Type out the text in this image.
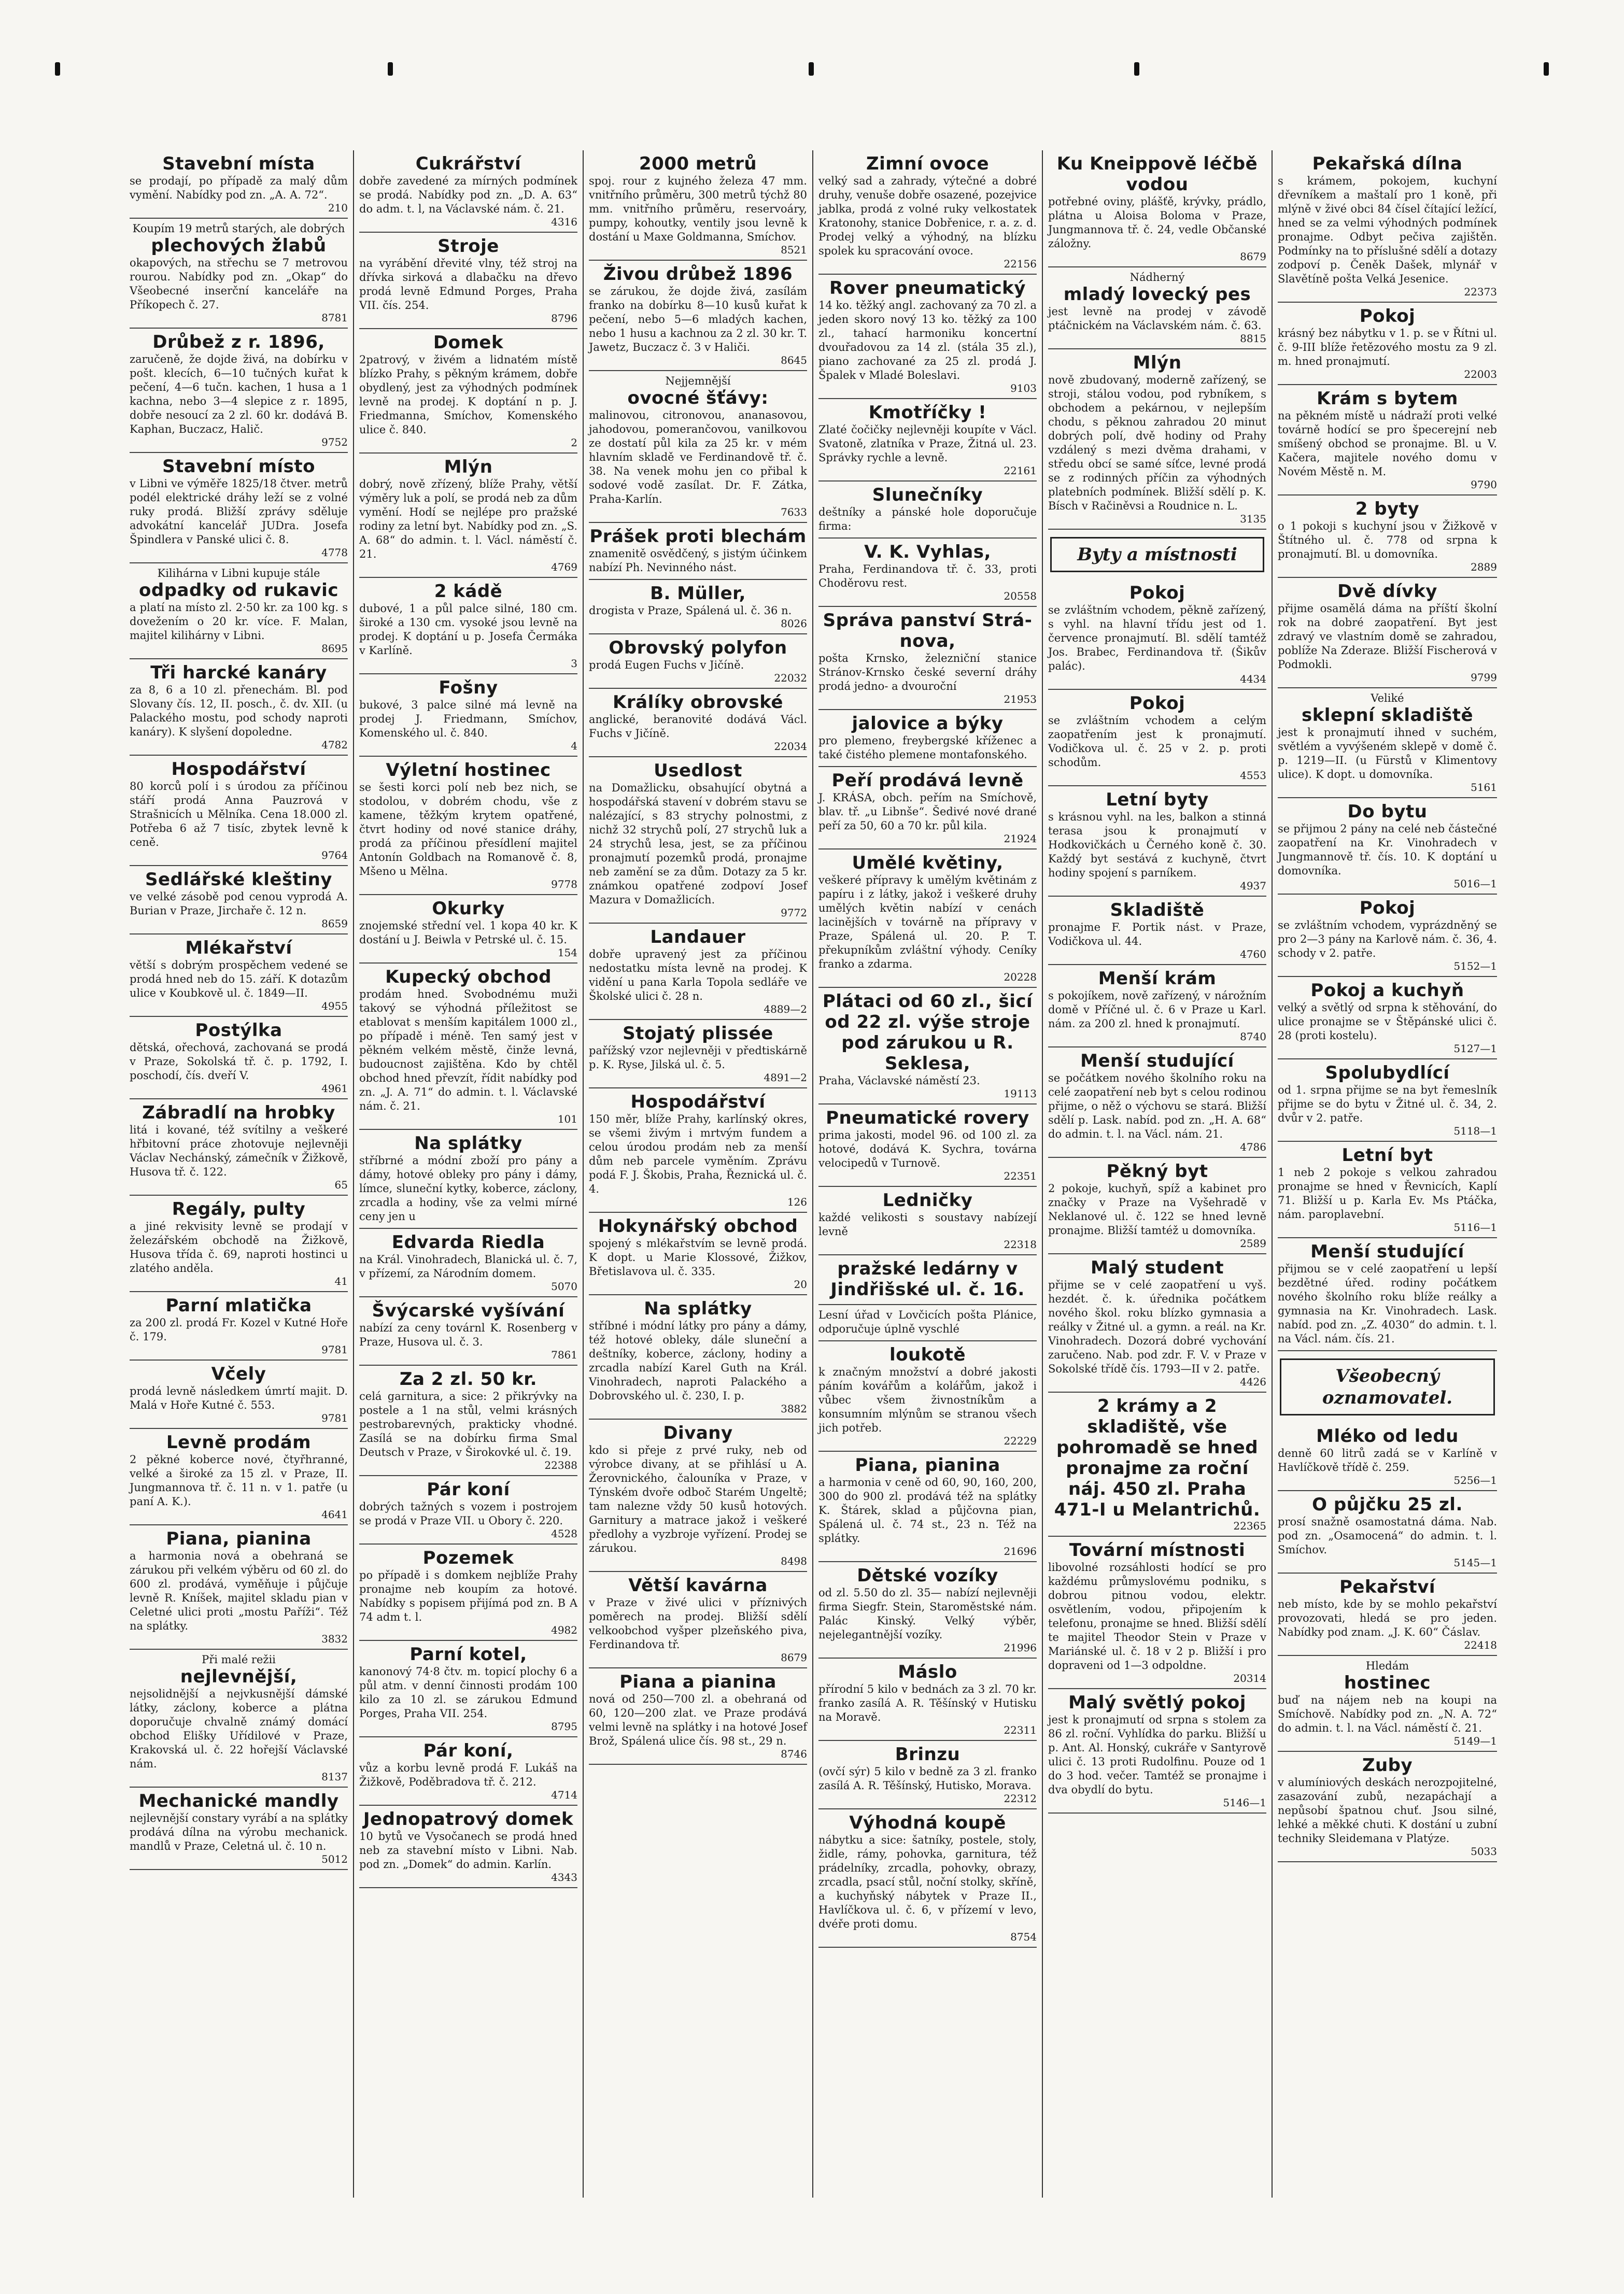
Stavební místa
se prodají, po případě za malý dům vymění. Nabídky pod zn. „A. A. 72“.
210
Koupím 19 metrů starých, ale dobrých
plechových žlabů
okapových, na střechu se 7 metrovou rourou. Nabídky pod zn. „Okap“ do Všeobecné inserční kanceláře na Příkopech č. 27.
8781
Drůbež z r. 1896,
zaručeně, že dojde živá, na dobírku v pošt. klecích, 6—10 tučných kuřat k pečení, 4—6 tučn. kachen, 1 husa a 1 kachna, nebo 3—4 slepice z r. 1895, dobře nesoucí za 2 zl. 60 kr. dodává B. Kaphan, Buczacz, Halič.
9752
Stavební místo
v Libni ve výměře 1825/18 čtver. metrů podél elektrické dráhy leží se z volné ruky prodá. Bližší zprávy sděluje advokátní kancelář JUDra. Josefa Špindlera v Panské ulici č. 8.
4778
Kilihárna v Libni kupuje stále
odpadky od rukavic
a platí na místo zl. 2·50 kr. za 100 kg. s dovežením o 20 kr. více. F. Malan, majitel kilihárny v Libni.
8695
Tři harcké kanáry
za 8, 6 a 10 zl. přenechám. Bl. pod Slovany čís. 12, II. posch., č. dv. XII. (u Palackého mostu, pod schody naproti kanáry). K slyšení dopoledne.
4782
Hospodářství
80 korců polí i s úrodou za příčinou stáří prodá Anna Pauzrová v Strašnicích u Mělníka. Cena 18.000 zl. Potřeba 6 až 7 tisíc, zbytek levně k ceně.
9764
Sedlářské kleštiny
ve velké zásobě pod cenou vyprodá A. Burian v Praze, Jirchaře č. 12 n.
8659
Mlékařství
větší s dobrým prospěchem vedené se prodá hned neb do 15. září. K dotazům ulice v Koubkově ul. č. 1849—II.
4955
Postýlka
dětská, ořechová, zachovaná se prodá v Praze, Sokolská tř. č. p. 1792, I. poschodí, čís. dveří V.
4961
Zábradlí na hrobky
litá i kované, též svítilny a veškeré hřbitovní práce zhotovuje nejlevněji Václav Nechánský, zámečník v Žižkově, Husova tř. č. 122.
65
Regály, pulty
a jiné rekvisity levně se prodají v železářském obchodě na Žižkově, Husova třída č. 69, naproti hostinci u zlatého anděla.
41
Parní mlatička
za 200 zl. prodá Fr. Kozel v Kutné Hoře č. 179.
9781
Včely
prodá levně následkem úmrtí majit. D. Malá v Hoře Kutné č. 553.
9781
Levně prodám
2 pěkné koberce nové, čtyřhranné, velké a široké za 15 zl. v Praze, II. Jungmannova tř. č. 11 n. v 1. patře (u paní A. K.).
4641
Piana, pianina
a harmonia nová a obehraná se zárukou při velkém výběru od 60 zl. do 600 zl. prodává, vyměňuje i půjčuje levně R. Kníšek, majitel skladu pian v Celetné ulici proti „mostu Paříži“. Též na splátky.
3832
Při malé režii
nejlevnější,
nejsolidnější a nejvkusnější dámské látky, záclony, koberce a plátna doporučuje chvalně známý domácí obchod Elišky Uřídilové v Praze, Krakovská ul. č. 22 hořejší Václavské nám.
8137
Mechanické mandly
nejlevnější constary vyrábí a na splátky prodává dílna na výrobu mechanick. mandlů v Praze, Celetná ul. č. 10 n.
5012
Cukrářství
dobře zavedené za mírných podmínek se prodá. Nabídky pod zn. „D. A. 63“ do adm. t. l, na Václavské nám. č. 21.
4316
Stroje
na vyrábění dřevité vlny, též stroj na dřívka sirková a dlabačku na dřevo prodá levně Edmund Porges, Praha VII. čís. 254.
8796
Domek
2patrový, v živém a lidnatém místě blízko Prahy, s pěkným krámem, dobře obydlený, jest za výhodných podmínek levně na prodej. K doptání n p. J. Friedmanna, Smíchov, Komenského ulice č. 840.
2
Mlýn
dobrý, nově zřízený, blíže Prahy, větší výměry luk a polí, se prodá neb za dům vymění. Hodí se nejlépe pro pražské rodiny za letní byt. Nabídky pod zn. „S. A. 68“ do admin. t. l. Václ. náměstí č. 21.
4769
2 kádě
dubové, 1 a půl palce silné, 180 cm. široké a 130 cm. vysoké jsou levně na prodej. K doptání u p. Josefa Čermáka v Karlíně.
3
Fošny
bukové, 3 palce silné má levně na prodej J. Friedmann, Smíchov, Komenského ul. č. 840.
4
Výletní hostinec
se šesti korci polí neb bez nich, se stodolou, v dobrém chodu, vše z kamene, těžkým krytem opatřené, čtvrt hodiny od nové stanice dráhy, prodá za příčinou přesídlení majitel Antonín Goldbach na Romanově č. 8, Mšeno u Mělna.
9778
Okurky
znojemské střední vel. 1 kopa 40 kr. K dostání u J. Beiwla v Petrské ul. č. 15.
154
Kupecký obchod
prodám hned. Svobodnému muži takový se výhodná příležitost se etablovat s menším kapitálem 1000 zl., po případě i méně. Ten samý jest v pěkném velkém městě, činže levná, budoucnost zajištěna. Kdo by chtěl obchod hned převzít, řídit nabídky pod zn. „J. A. 71“ do admin. t. l. Václavské nám. č. 21.
101
Na splátky
stříbrné a módní zboží pro pány a dámy, hotové obleky pro pány i dámy, límce, sluneční kytky, koberce, záclony, zrcadla a hodiny, vše za velmi mírné ceny jen u
Edvarda Riedla
na Král. Vinohradech, Blanická ul. č. 7, v přízemí, za Národním domem.
5070
Švýcarské vyšívání
nabízí za ceny továrnl K. Rosenberg v Praze, Husova ul. č. 3.
7861
Za 2 zl. 50 kr.
celá garnitura, a sice: 2 přikrývky na postele a 1 na stůl, velmi krásných pestrobarevných, prakticky vhodné. Zasílá se na dobírku firma Smal Deutsch v Praze, v Širokovké ul. č. 19.
22388
Pár koní
dobrých tažných s vozem i postrojem se prodá v Praze VII. u Obory č. 220.
4528
Pozemek
po případě i s domkem nejblíže Prahy pronajme neb koupím za hotové. Nabídky s popisem přijímá pod zn. B A 74 adm t. l.
4982
Parní kotel,
kanonový 74·8 čtv. m. topicí plochy 6 a půl atm. v denní činnosti prodám 100 kilo za 10 zl. se zárukou Edmund Porges, Praha VII. 254.
8795
Pár koní,
vůz a korbu levně prodá F. Lukáš na Žižkově, Poděbradova tř. č. 212.
4714
Jednopatrový domek
10 bytů ve Vysočanech se prodá hned neb za stavební místo v Libni. Nab. pod zn. „Domek“ do admin. Karlín.
4343
2000 metrů
spoj. rour z kujného železa 47 mm. vnitřního průměru, 300 metrů týchž 80 mm. vnitřního průměru, reservoáry, pumpy, kohoutky, ventily jsou levně k dostání u Maxe Goldmanna, Smíchov.
8521
Živou drůbež 1896
se zárukou, že dojde živá, zasílám franko na dobírku 8—10 kusů kuřat k pečení, nebo 5—6 mladých kachen, nebo 1 husu a kachnou za 2 zl. 30 kr. T. Jawetz, Buczacz č. 3 v Haliči.
8645
Nejjemnější
ovocné šťávy:
malinovou, citronovou, ananasovou, jahodovou, pomerančovou, vanilkovou ze dostatí půl kila za 25 kr. v mém hlavním skladě ve Ferdinandově tř. č. 38. Na venek mohu jen co přibal k sodové vodě zasílat. Dr. F. Zátka, Praha-Karlín.
7633
Prášek proti blechám
znamenitě osvědčený, s jistým účinkem nabízí Ph. Nevinného nást.
B. Müller,
drogista v Praze, Spálená ul. č. 36 n.
8026
Obrovský polyfon
prodá Eugen Fuchs v Jičíně.
22032
Králíky obrovské
anglické, beranovité dodává Václ. Fuchs v Jičíně.
22034
Usedlost
na Domažlicku, obsahující obytná a hospodářská stavení v dobrém stavu se nalézající, s 83 strychy polnostmi, z nichž 32 strychů polí, 27 strychů luk a 24 strychů lesa, jest, se za příčinou pronajmutí pozemků prodá, pronajme neb zamění se za dům. Dotazy za 5 kr. známkou opatřené zodpoví Josef Mazura v Domažlicích.
9772
Landauer
dobře upravený jest za příčinou nedostatku místa levně na prodej. K vidění u pana Karla Topola sedláře ve Školské ulici č. 28 n.
4889—2
Stojatý plissée
pařížský vzor nejlevněji v předtiskárně p. K. Ryse, Jilská ul. č. 5.
4891—2
Hospodářství
150 měr, blíže Prahy, karlínský okres, se všemi živým i mrtvým fundem a celou úrodou prodám neb za menší dům neb parcele vyměním. Zprávu podá F. J. Škobis, Praha, Řeznická ul. č. 4.
126
Hokynářský obchod
spojený s mlékařstvím se levně prodá. K dopt. u Marie Klossové, Žižkov, Břetislavova ul. č. 335.
20
Na splátky
stříbné i módní látky pro pány a dámy, též hotové obleky, dále sluneční a deštníky, koberce, záclony, hodiny a zrcadla nabízí Karel Guth na Král. Vinohradech, naproti Palackého a Dobrovského ul. č. 230, I. p.
3882
Divany
kdo si přeje z prvé ruky, neb od výrobce divany, at se přihlásí u A. Žerovnického, čalouníka v Praze, v Týnském dvoře odboč Starém Ungeltě; tam nalezne vždy 50 kusů hotových. Garnitury a matrace jakož i veškeré předlohy a vyzbroje vyřízení. Prodej se zárukou.
8498
Větší kavárna
v Praze v živé ulici v příznivých poměrech na prodej. Bližší sdělí velkoobchod vyšper plzeňského piva, Ferdinandova tř.
8679
Piana a pianina
nová od 250—700 zl. a obehraná od 60, 120—200 zlat. ve Praze prodává velmi levně na splátky i na hotové Josef Brož, Spálená ulice čís. 98 st., 29 n.
8746
Zimní ovoce
velký sad a zahrady, výtečné a dobré druhy, venuše dobře osazené, pozejvice jablka, prodá z volné ruky velkostatek Kratonohy, stanice Dobřenice, r. a. z. d. Prodej velký a výhodný, na blízku spolek ku spracování ovoce.
22156
Rover pneumatický
14 ko. těžký angl. zachovaný za 70 zl. a jeden skoro nový 13 ko. těžký za 100 zl., tahací harmoniku koncertní dvouřadovou za 14 zl. (stála 35 zl.), piano zachované za 25 zl. prodá J. Špalek v Mladé Boleslavi.
9103
Kmotříčky !
Zlaté čočičky nejlevněji koupíte v Václ. Svatoně, zlatníka v Praze, Žitná ul. 23. Správky rychle a levně.
22161
Slunečníky
deštníky a pánské hole doporučuje firma:
V. K. Vyhlas,
Praha, Ferdinandova tř. č. 33, proti Choděrovu rest.
20558
Správa panství Strá-nova,
pošta Krnsko, železniční stanice Stránov-Krnsko české severní dráhy prodá jedno- a dvouroční
21953
jalovice a býky
pro plemeno, freybergské kříženec a také čistého plemene montafonského.
Peří prodává levně
J. KRÁSA, obch. peřím na Smíchově, blav. tř. „u Libnše“. Šedivé nové drané peří za 50, 60 a 70 kr. půl kila.
21924
Umělé květiny,
veškeré přípravy k umělým květinám z papíru i z látky, jakož i veškeré druhy umělých květin nabízí v cenách lacinějších v továrně na přípravy v Praze, Spálená ul. 20. P. T. překupníkům zvláštní výhody. Ceníky franko a zdarma.
20228
Plátaci od 60 zl., šicí od 22 zl. výše stroje pod zárukou u R. Seklesa,
Praha, Václavské náměstí 23.
19113
Pneumatické rovery
prima jakosti, model 96. od 100 zl. za hotové, dodává K. Sychra, továrna velocipedů v Turnově.
22351
Ledničky
každé velikosti s soustavy nabízejí levně
22318
pražské ledárny v Jindřišské ul. č. 16.
Lesní úřad v Lovčicích pošta Plánice, odporučuje úplně vyschlé
loukotě
k značným množství a dobré jakosti páním kovářům a kolářům, jakož i vůbec všem živnostníkům a konsumním mlýnům se stranou všech jich potřeb.
22229
Piana, pianina
a harmonia v ceně od 60, 90, 160, 200, 300 do 900 zl. prodává též na splátky K. Štárek, sklad a půjčovna pian, Spálená ul. č. 74 st., 23 n. Též na splátky.
21696
Dětské vozíky
od zl. 5.50 do zl. 35— nabízí nejlevněji firma Siegfr. Stein, Staroměstské nám. Palác Kinský. Velký výběr, nejelegantnější vozíky.
21996
Máslo
přírodní 5 kilo v bednách za 3 zl. 70 kr. franko zasílá A. R. Těšínský v Hutisku na Moravě.
22311
Brinzu
(ovčí sýr) 5 kilo v bedně za 3 zl. franko zasílá A. R. Těšínský, Hutisko, Morava.
22312
Výhodná koupě
nábytku a sice: šatníky, postele, stoly, židle, rámy, pohovka, garnitura, též prádelníky, zrcadla, pohovky, obrazy, zrcadla, psací stůl, noční stolky, skříně, a kuchyňský nábytek v Praze II., Havlíčkova ul. č. 6, v přízemí v levo, dvéře proti domu.
8754
Ku Kneippově léčbě vodou
potřebné oviny, plášťě, krývky, prádlo, plátna u Aloisa Boloma v Praze, Jungmannova tř. č. 24, vedle Občanské záložny.
8679
Nádherný
mladý lovecký pes
jest levně na prodej v závodě ptáčnickém na Václavském nám. č. 63.
8815
Mlýn
nově zbudovaný, moderně zařízený, se stroji, stálou vodou, pod rybníkem, s obchodem a pekárnou, v nejlepším chodu, s pěknou zahradou 20 minut dobrých polí, dvě hodiny od Prahy vzdálený s mezi dvěma drahami, v středu obcí se samé síťce, levné prodá se z rodinných příčin za výhodných platebních podmínek. Bližší sdělí p. K. Bísch v Račiněvsi a Roudnice n. L.
3135
Byty a místnosti
Pokoj
se zvláštním vchodem, pěkně zařízený, s vyhl. na hlavní třídu jest od 1. července pronajmutí. Bl. sdělí tamtéž Jos. Brabec, Ferdinandova tř. (Šikův palác).
4434
Pokoj
se zvláštním vchodem a celým zaopatřením jest k pronajmutí. Vodičkova ul. č. 25 v 2. p. proti schodům.
4553
Letní byty
s krásnou vyhl. na les, balkon a stinná terasa jsou k pronajmutí v Hodkovičkách u Černého koně č. 30. Každý byt sestává z kuchyně, čtvrt hodiny spojení s parníkem.
4937
Skladiště
pronajme F. Portik nást. v Praze, Vodičkova ul. 44.
4760
Menší krám
s pokojíkem, nově zařízený, v nárožním domě v Příčné ul. č. 6 v Praze u Karl. nám. za 200 zl. hned k pronajmutí.
8740
Menší studující
se počátkem nového školního roku na celé zaopatření neb byt s celou rodinou přijme, o něž o výchovu se stará. Bližší sdělí p. Lask. nabíd. pod zn. „H. A. 68“ do admin. t. l. na Václ. nám. 21.
4786
Pěkný byt
2 pokoje, kuchyň, spíž a kabinet pro značky v Praze na Vyšehradě v Neklanové ul. č. 122 se hned levně pronajme. Bližší tamtéž u domovníka.
2589
Malý student
přijme se v celé zaopatření u vyš. hezdét. č. k. úřednika počátkem nového škol. roku blízko gymnasia a reálky v Žitné ul. a gymn. a reál. na Kr. Vinohradech. Dozorá dobré vychování zaručeno. Nab. pod zdr. F. V. v Praze v Sokolské třídě čís. 1793—II v 2. patře.
4426
2 krámy a 2 skladiště, vše pohromadě se hned pronajme za roční náj. 450 zl. Praha 471-I u Melantrichů.
22365
Tovární místnosti
libovolné rozsáhlosti hodící se pro každému průmyslovému podniku, s dobrou pitnou vodou, elektr. osvětlením, vodou, připojením k telefonu, pronajme se hned. Bližší sdělí te majitel Theodor Stein v Praze v Mariánské ul. č. 18 v 2 p. Bližší i pro dopraveni od 1—3 odpoldne.
20314
Malý světlý pokoj
jest k pronajmutí od srpna s stolem za 86 zl. roční. Vyhlídka do parku. Bližší u p. Ant. Al. Honský, cukráře v Santyrově ulici č. 13 proti Rudolfinu. Pouze od 1 do 3 hod. večer. Tamtéž se pronajme i dva obydlí do bytu.
5146—1
Pekařská dílna
s krámem, pokojem, kuchyní dřevníkem a maštalí pro 1 koně, při mlýně v živé obci 84 čísel čítající ležící, hned se za velmi výhodných podmínek pronajme. Odbyt pečiva zajištěn. Podmínky na to příslušné sdělí a dotazy zodpoví p. Čeněk Dašek, mlynář v Slavětíně pošta Velká Jesenice.
22373
Pokoj
krásný bez nábytku v 1. p. se v Řítni ul. č. 9-III blíže řetězového mostu za 9 zl. m. hned pronajmutí.
22003
Krám s bytem
na pěkném místě u nádraží proti velké továrně hodící se pro špecerejní neb smíšený obchod se pronajme. Bl. u V. Kačera, majitele nového domu v Novém Městě n. M.
9790
2 byty
o 1 pokoji s kuchyní jsou v Žižkově v Štítného ul. č. 778 od srpna k pronajmutí. Bl. u domovníka.
2889
Dvě dívky
přijme osamělá dáma na příští školní rok na dobré zaopatření. Byt jest zdravý ve vlastním domě se zahradou, poblíže Na Zderaze. Bližší Fischerová v Podmokli.
9799
Veliké
sklepní skladiště
jest k pronajmutí ihned v suchém, světlém a vyvýšeném sklepě v domě č. p. 1219—II. (u Fürstů v Klimentovy ulice). K dopt. u domovníka.
5161
Do bytu
se přijmou 2 pány na celé neb částečné zaopatření na Kr. Vinohradech v Jungmannově tř. čís. 10. K doptání u domovníka.
5016—1
Pokoj
se zvláštním vchodem, vyprázdněný se pro 2—3 pány na Karlově nám. č. 36, 4. schody v 2. patře.
5152—1
Pokoj a kuchyň
velký a světlý od srpna k stěhování, do ulice pronajme se v Štěpánské ulici č. 28 (proti kostelu).
5127—1
Spolubydlící
od 1. srpna přijme se na byt řemeslník přijme se do bytu v Žitné ul. č. 34, 2. dvůr v 2. patře.
5118—1
Letní byt
1 neb 2 pokoje s velkou zahradou pronajme se hned v Řevnicích, Kaplí 71. Bližší u p. Karla Ev. Ms Ptáčka, nám. paroplavební.
5116—1
Menší studující
přijmou se v celé zaopatření u lepší bezdětné úřed. rodiny počátkem nového školního roku blíže reálky a gymnasia na Kr. Vinohradech. Lask. nabíd. pod zn. „Z. 4030“ do admin. t. l. na Václ. nám. čís. 21.
Všeobecný oznamovatel.
Mléko od ledu
denně 60 litrů zadá se v Karlíně v Havlíčkově třídě č. 259.
5256—1
O půjčku 25 zl.
prosí snažně osamostatná dáma. Nab. pod zn. „Osamocená“ do admin. t. l. Smíchov.
5145—1
Pekařství
neb místo, kde by se mohlo pekařství provozovati, hledá se pro jeden. Nabídky pod znam. „J. K. 60“ Čáslav.
22418
Hledám
hostinec
buď na nájem neb na koupi na Smíchově. Nabídky pod zn. „N. A. 72“ do admin. t. l. na Václ. náměstí č. 21.
5149—1
Zuby
v alumíniových deskách nerozpojitelné, zasazování zubů, nezapáchají a nepůsobí špatnou chuť. Jsou silné, lehké a měkké chuti. K dostání u zubní techniky Sleidemana v Platýze.
5033
